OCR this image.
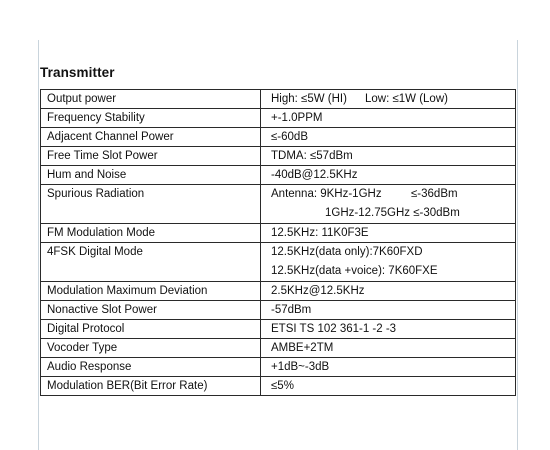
Transmitter
Output power	High: ≤5W (HI) Low: ≤1W (Low)
Frequency Stability	+-1.0PPM
Adjacent Channel Power	≤-60dB
Free Time Slot Power	TDMA: ≤57dBm
Hum and Noise	-40dB@12.5KHz
Spurious Radiation	Antenna: 9KHz-1GHz ≤-36dBm
1GHz-12.75GHz ≤-30dBm

FM Modulation Mode	12.5KHz: 11K0F3E
4FSK Digital Mode	12.5KHz(data only):7K60FXD
12.5KHz(data +voice): 7K60FXE

Modulation Maximum Deviation	2.5KHz@12.5KHz
Nonactive Slot Power	-57dBm
Digital Protocol	ETSI TS 102 361-1 -2 -3
Vocoder Type	AMBE+2TM
Audio Response	+1dB~-3dB
Modulation BER(Bit Error Rate)	≤5%
